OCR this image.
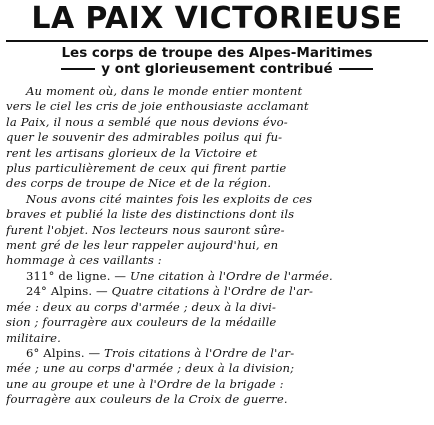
LA PAIX VICTORIEUSE
Les corps de troupe des Alpes-Maritimes
y ont glorieusement contribué
Au moment où, dans le monde entier montent
vers le ciel les cris de joie enthousiaste acclamant
la Paix, il nous a semblé que nous devions évo-
quer le souvenir des admirables poilus qui fu-
rent les artisans glorieux de la Victoire et
plus particulièrement de ceux qui firent partie
des corps de troupe de Nice et de la région.
Nous avons cité maintes fois les exploits de ces
braves et publié la liste des distinctions dont ils
furent l'objet. Nos lecteurs nous sauront sûre-
ment gré de les leur rappeler aujourd'hui, en
hommage à ces vaillants :
311° de ligne. — Une citation à l'Ordre de l'armée.
24° Alpins. — Quatre citations à l'Ordre de l'ar-
mée : deux au corps d'armée ; deux à la divi-
sion ; fourragère aux couleurs de la médaille
militaire.
6° Alpins. — Trois citations à l'Ordre de l'ar-
mée ; une au corps d'armée ; deux à la division;
une au groupe et une à l'Ordre de la brigade :
fourragère aux couleurs de la Croix de guerre.
